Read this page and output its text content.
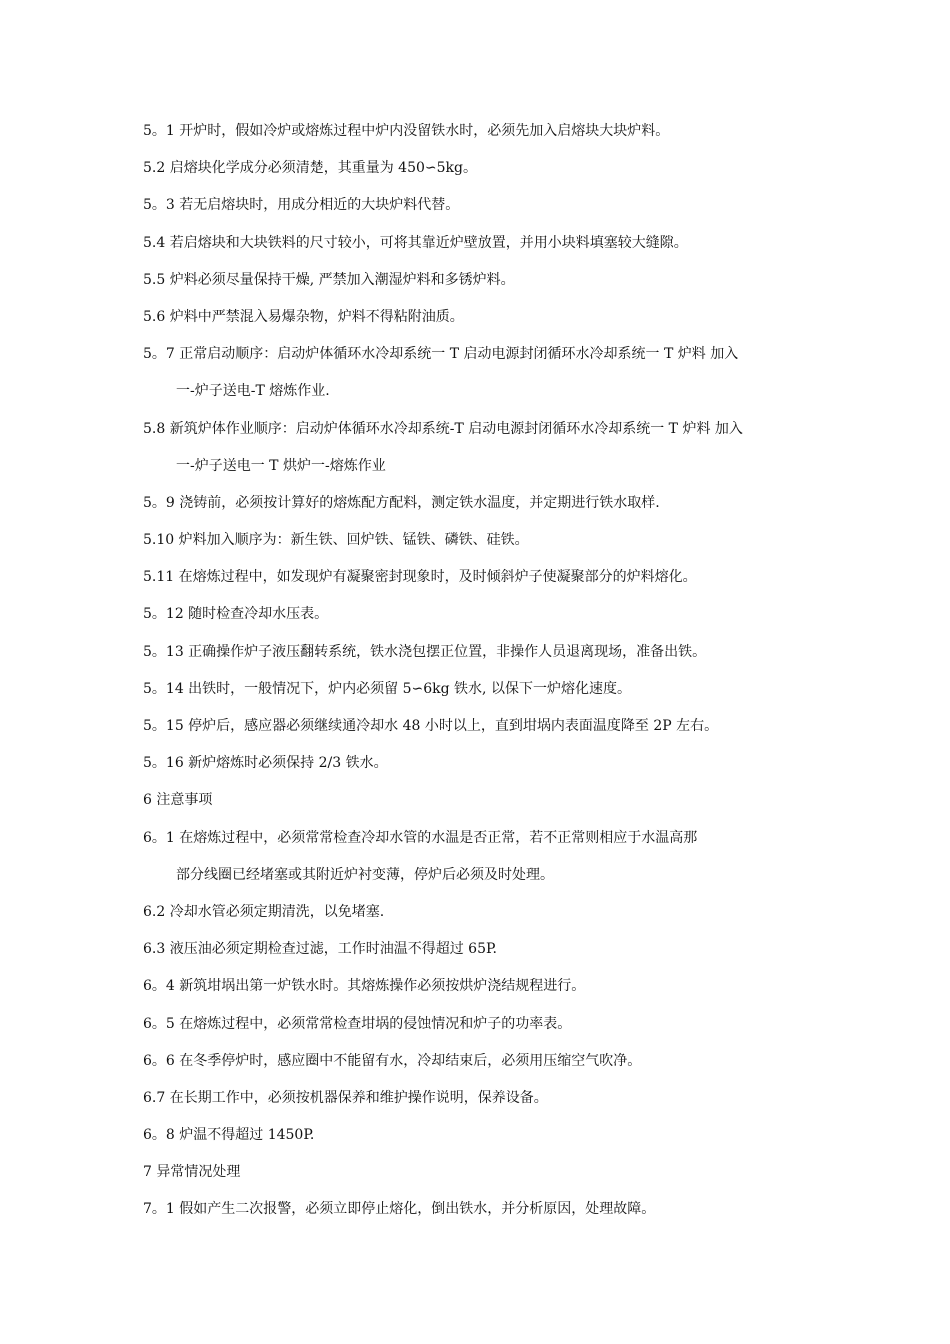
5。1 开炉时，假如冷炉或熔炼过程中炉内没留铁水时，必须先加入启熔块大块炉料。
5.2 启熔块化学成分必须清楚，其重量为 450∽5kg。
5。3 若无启熔块时，用成分相近的大块炉料代替。
5.4 若启熔块和大块铁料的尺寸较小，可将其靠近炉壁放置，并用小块料填塞较大缝隙。
5.5 炉料必须尽量保持干燥, 严禁加入潮湿炉料和多锈炉料。
5.6 炉料中严禁混入易爆杂物，炉料不得粘附油质。
5。7 正常启动顺序：启动炉体循环水冷却系统一 T 启动电源封闭循环水冷却系统一 T 炉料 加入
一-炉子送电-T 熔炼作业.
5.8 新筑炉体作业顺序：启动炉体循环水冷却系统-T 启动电源封闭循环水冷却系统一 T 炉料 加入
一-炉子送电一 T 烘炉一-熔炼作业
5。9 浇铸前，必须按计算好的熔炼配方配料，测定铁水温度，并定期进行铁水取样.
5.10 炉料加入顺序为：新生铁、回炉铁、锰铁、磷铁、硅铁。
5.11 在熔炼过程中，如发现炉有凝聚密封现象时，及时倾斜炉子使凝聚部分的炉料熔化。
5。12 随时检查冷却水压表。
5。13 正确操作炉子液压翻转系统，铁水浇包摆正位置，非操作人员退离现场，准备出铁。
5。14 出铁时，一般情况下，炉内必须留 5∽6kg 铁水, 以保下一炉熔化速度。
5。15 停炉后，感应器必须继续通冷却水 48 小时以上，直到坩埚内表面温度降至 2P 左右。
5。16 新炉熔炼时必须保持 2/3 铁水。
6 注意事项
6。1 在熔炼过程中，必须常常检查冷却水管的水温是否正常，若不正常则相应于水温高那
部分线圈已经堵塞或其附近炉衬变薄，停炉后必须及时处理。
6.2 冷却水管必须定期清洗，以免堵塞.
6.3 液压油必须定期检查过滤，工作时油温不得超过 65P.
6。4 新筑坩埚出第一炉铁水时。其熔炼操作必须按烘炉浇结规程进行。
6。5 在熔炼过程中，必须常常检查坩埚的侵蚀情况和炉子的功率表。
6。6 在冬季停炉时，感应圈中不能留有水，冷却结束后，必须用压缩空气吹净。
6.7 在长期工作中，必须按机器保养和维护操作说明，保养设备。
6。8 炉温不得超过 1450P.
7 异常情况处理
7。1 假如产生二次报警，必须立即停止熔化，倒出铁水，并分析原因，处理故障。
